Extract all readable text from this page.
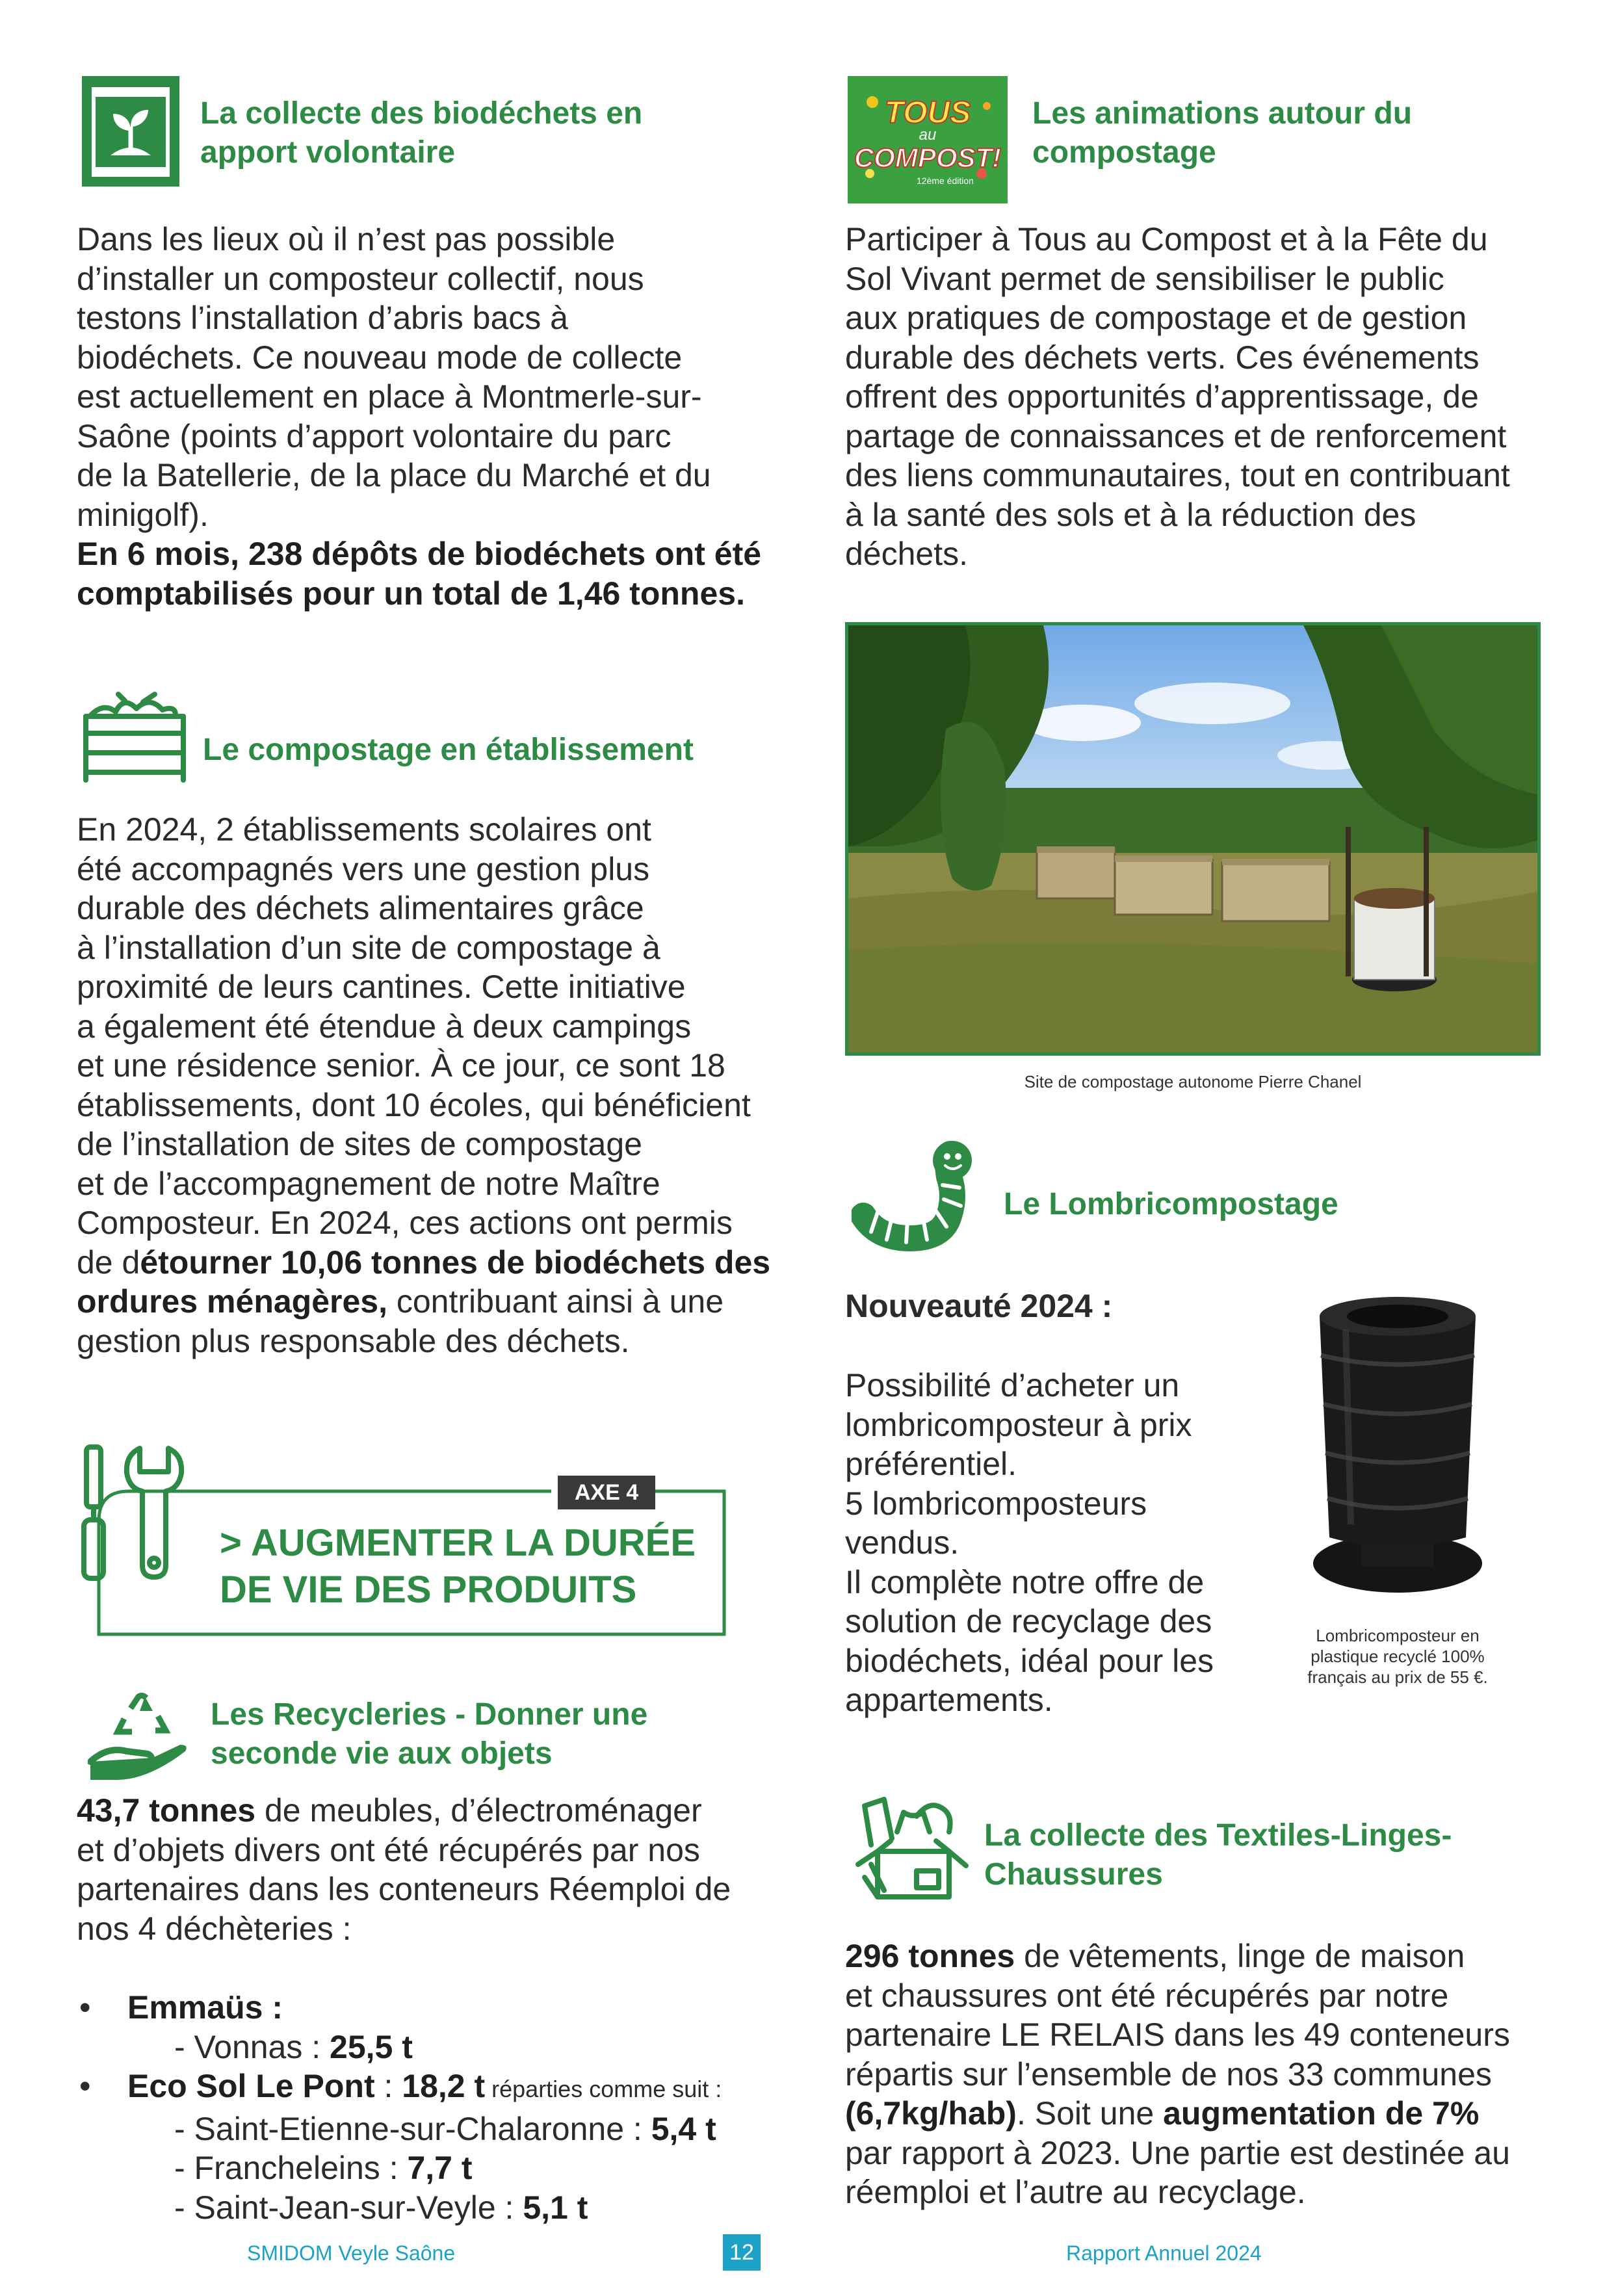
La collecte des biodéchets en
apport volontaire
Dans les lieux où il n’est pas possible
d’installer un composteur collectif, nous
testons l’installation d’abris bacs à
biodéchets. Ce nouveau mode de collecte
est actuellement en place à Montmerle-sur-
Saône (points d’apport volontaire du parc
de la Batellerie, de la place du Marché et du
minigolf).
En 6 mois, 238 dépôts de biodéchets ont été
comptabilisés pour un total de 1,46 tonnes.
TOUS
au
COMPOST!
12ème édition
Les animations autour du
compostage
Participer à Tous au Compost et à la Fête du
Sol Vivant permet de sensibiliser le public
aux pratiques de compostage et de gestion
durable des déchets verts. Ces événements
offrent des opportunités d’apprentissage, de
partage de connaissances et de renforcement
des liens communautaires, tout en contribuant
à la santé des sols et à la réduction des
déchets.
Site de compostage autonome Pierre Chanel
Le compostage en établissement
En 2024, 2 établissements scolaires ont
été accompagnés vers une gestion plus
durable des déchets alimentaires grâce
à l’installation d’un site de compostage à
proximité de leurs cantines. Cette initiative
a également été étendue à deux campings
et une résidence senior. À ce jour, ce sont 18
établissements, dont 10 écoles, qui bénéficient
de l’installation de sites de compostage
et de l’accompagnement de notre Maître
Composteur. En 2024, ces actions ont permis
de détourner 10,06 tonnes de biodéchets des
ordures ménagères, contribuant ainsi à une
gestion plus responsable des déchets.
Le Lombricompostage
Nouveauté 2024 :
Possibilité d’acheter un
lombricomposteur à prix
préférentiel.
5 lombricomposteurs
vendus.
Il complète notre offre de
solution de recyclage des
biodéchets, idéal pour les
appartements.
Lombricomposteur en
plastique recyclé 100%
français au prix de 55 €.
AXE 4
> AUGMENTER LA DURÉE
DE VIE DES PRODUITS
Les Recycleries - Donner une
seconde vie aux objets
43,7 tonnes de meubles, d’électroménager
et d’objets divers ont été récupérés par nos
partenaires dans les conteneurs Réemploi de
nos 4 déchèteries :
• Emmaüs :
- Vonnas : 25,5 t
• Eco Sol Le Pont : 18,2 t réparties comme suit :
- Saint-Etienne-sur-Chalaronne : 5,4 t
- Francheleins : 7,7 t
- Saint-Jean-sur-Veyle : 5,1 t
La collecte des Textiles-Linges-
Chaussures
296 tonnes de vêtements, linge de maison
et chaussures ont été récupérés par notre
partenaire LE RELAIS dans les 49 conteneurs
répartis sur l’ensemble de nos 33 communes
(6,7kg/hab). Soit une augmentation de 7%
par rapport à 2023. Une partie est destinée au
réemploi et l’autre au recyclage.
SMIDOM Veyle Saône	12	Rapport Annuel 2024
